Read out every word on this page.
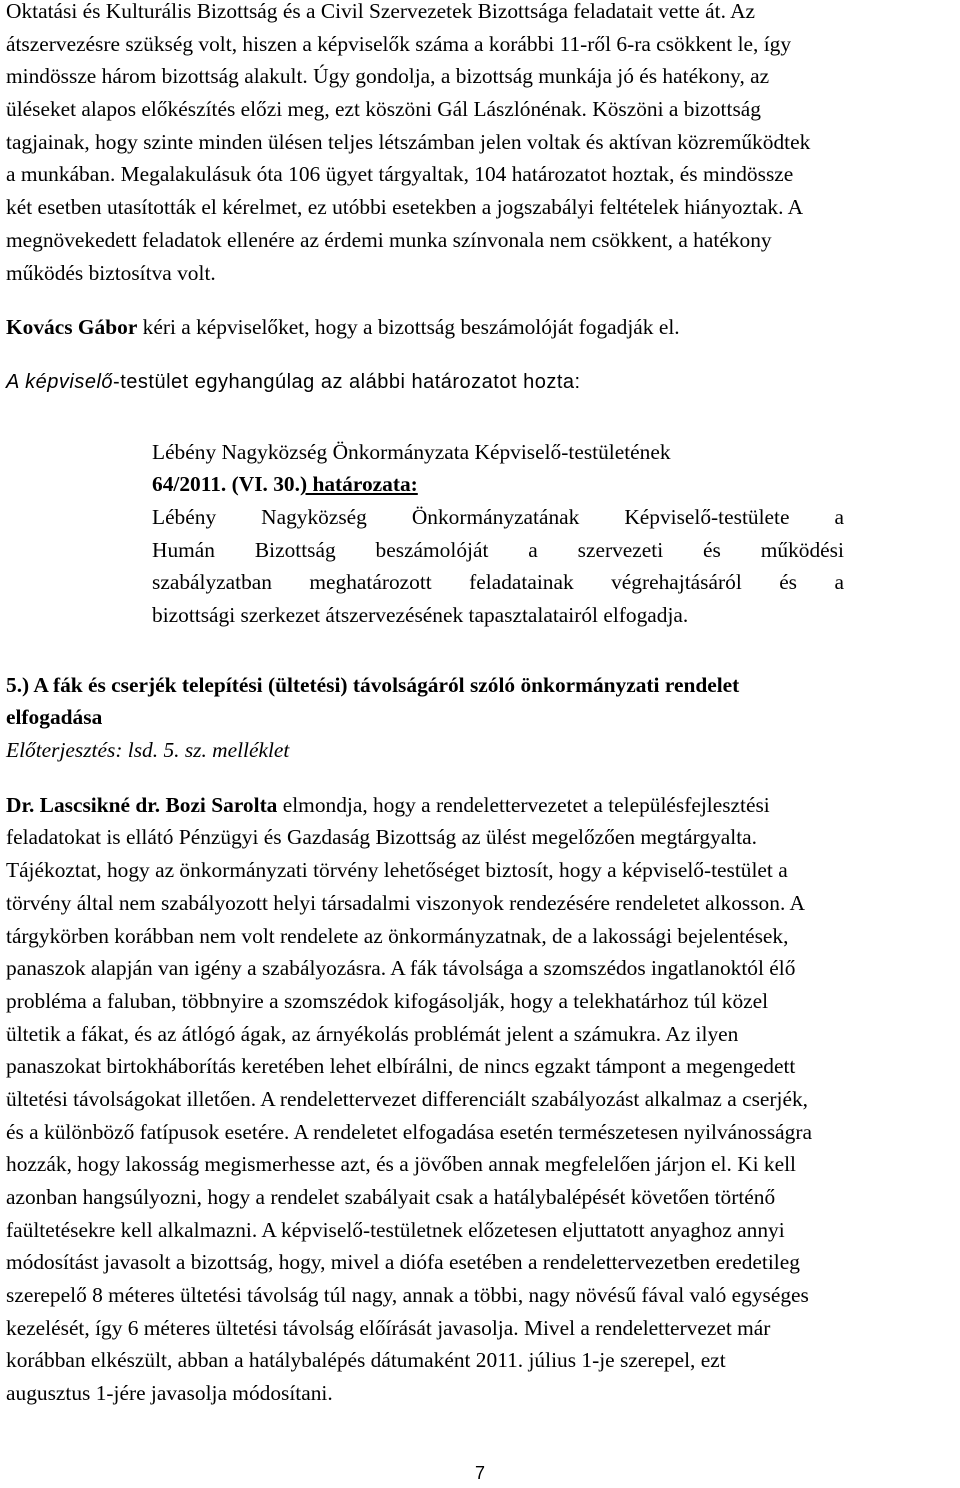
Oktatási és Kulturális Bizottság és a Civil Szervezetek Bizottsága feladatait vette át. Az
átszervezésre szükség volt, hiszen a képviselők száma a korábbi 11-ről 6-ra csökkent le, így
mindössze három bizottság alakult. Úgy gondolja, a bizottság munkája jó és hatékony, az
üléseket alapos előkészítés előzi meg, ezt köszöni Gál Lászlónénak. Köszöni a bizottság
tagjainak, hogy szinte minden ülésen teljes létszámban jelen voltak és aktívan közreműködtek
a munkában. Megalakulásuk óta 106 ügyet tárgyaltak, 104 határozatot hoztak, és mindössze
két esetben utasították el kérelmet, ez utóbbi esetekben a jogszabályi feltételek hiányoztak. A
megnövekedett feladatok ellenére az érdemi munka színvonala nem csökkent, a hatékony
működés biztosítva volt.
Kovács Gábor kéri a képviselőket, hogy a bizottság beszámolóját fogadják el.
A képviselő-testület egyhangúlag az alábbi határozatot hozta:
Lébény Nagyközség Önkormányzata Képviselő-testületének
64/2011. (VI. 30.) határozata:
Lébény Nagyközség Önkormányzatának Képviselő-testülete a
Humán Bizottság beszámolóját a szervezeti és működési
szabályzatban meghatározott feladatainak végrehajtásáról és a
bizottsági szerkezet átszervezésének tapasztalatairól elfogadja.
5.) A fák és cserjék telepítési (ültetési) távolságáról szóló önkormányzati rendelet
elfogadása
Előterjesztés: lsd. 5. sz. melléklet
Dr. Lascsikné dr. Bozi Sarolta elmondja, hogy a rendelettervezetet a településfejlesztési
feladatokat is ellátó Pénzügyi és Gazdaság Bizottság az ülést megelőzően megtárgyalta.
Tájékoztat, hogy az önkormányzati törvény lehetőséget biztosít, hogy a képviselő-testület a
törvény által nem szabályozott helyi társadalmi viszonyok rendezésére rendeletet alkosson. A
tárgykörben korábban nem volt rendelete az önkormányzatnak, de a lakossági bejelentések,
panaszok alapján van igény a szabályozásra. A fák távolsága a szomszédos ingatlanoktól élő
probléma a faluban, többnyire a szomszédok kifogásolják, hogy a telekhatárhoz túl közel
ültetik a fákat, és az átlógó ágak, az árnyékolás problémát jelent a számukra. Az ilyen
panaszokat birtokháborítás keretében lehet elbírálni, de nincs egzakt támpont a megengedett
ültetési távolságokat illetően. A rendelettervezet differenciált szabályozást alkalmaz a cserjék,
és a különböző fatípusok esetére. A rendeletet elfogadása esetén természetesen nyilvánosságra
hozzák, hogy lakosság megismerhesse azt, és a jövőben annak megfelelően járjon el. Ki kell
azonban hangsúlyozni, hogy a rendelet szabályait csak a hatálybalépését követően történő
faültetésekre kell alkalmazni. A képviselő-testületnek előzetesen eljuttatott anyaghoz annyi
módosítást javasolt a bizottság, hogy, mivel a diófa esetében a rendelettervezetben eredetileg
szerepelő 8 méteres ültetési távolság túl nagy, annak a többi, nagy növésű fával való egységes
kezelését, így 6 méteres ültetési távolság előírását javasolja. Mivel a rendelettervezet már
korábban elkészült, abban a hatálybalépés dátumaként 2011. július 1-je szerepel, ezt
augusztus 1-jére javasolja módosítani.
7
